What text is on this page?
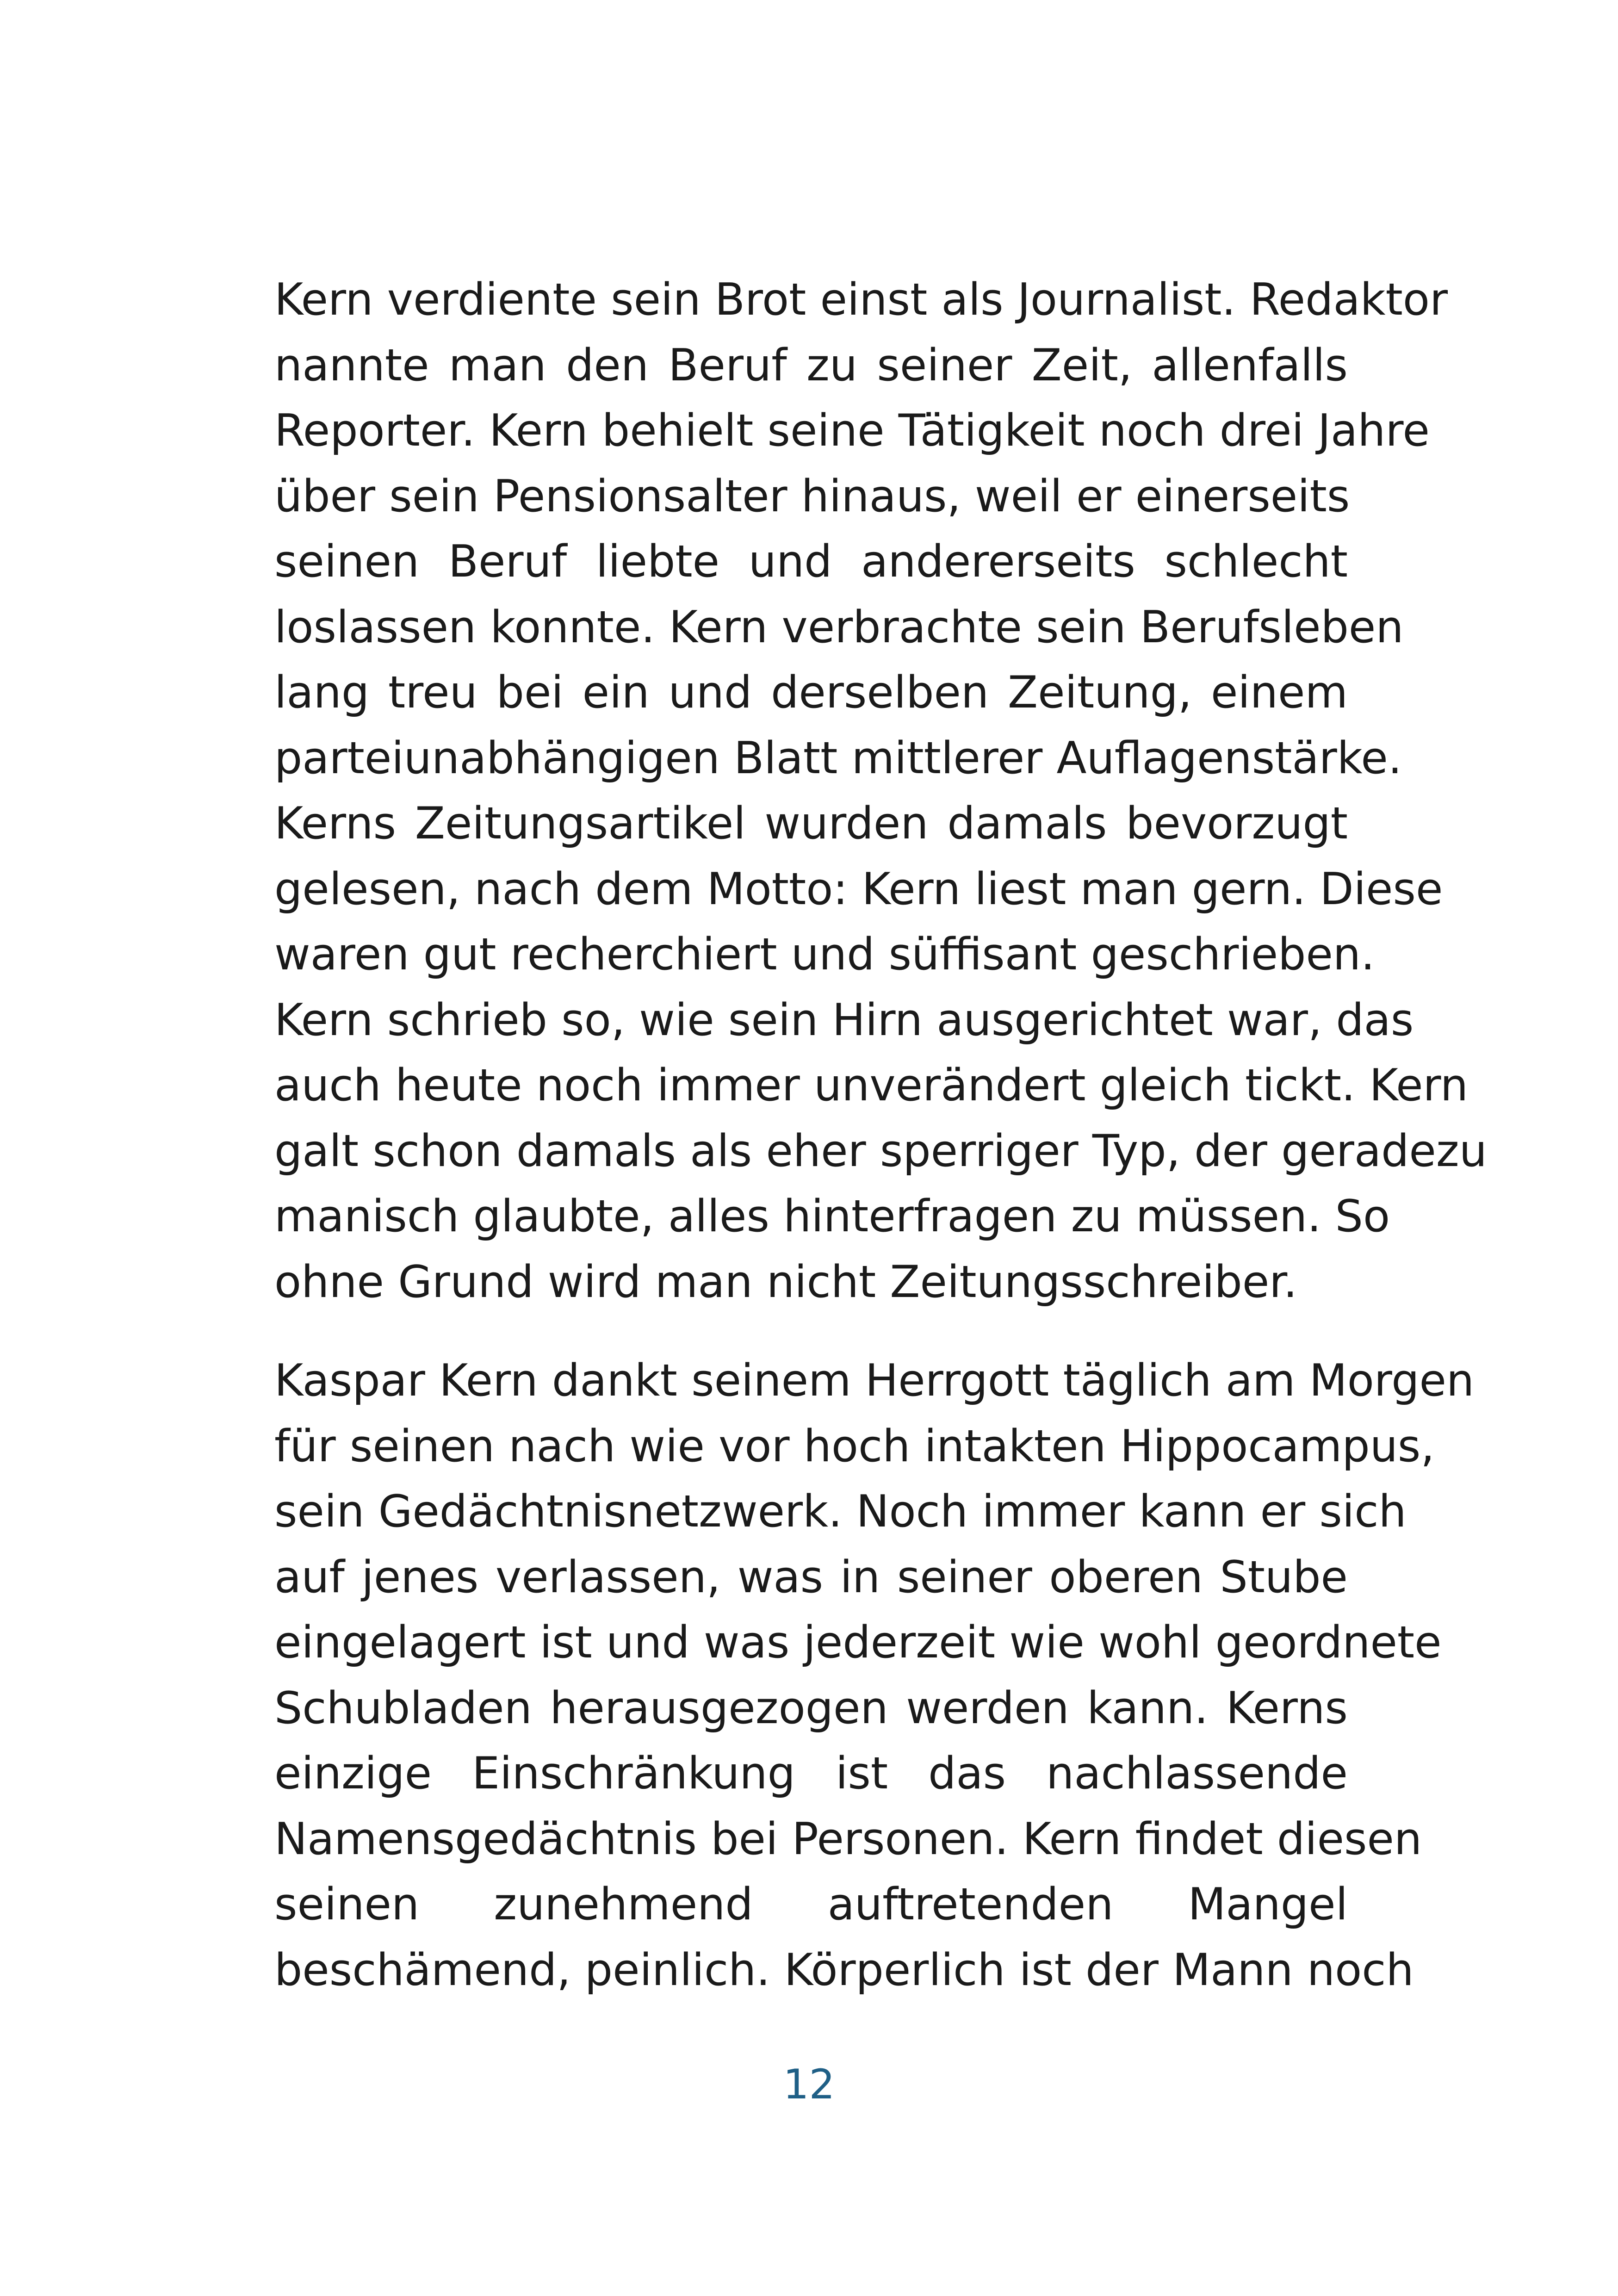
Kern verdiente sein Brot einst als Journalist. Redaktor
nannte man den Beruf zu seiner Zeit, allenfalls
Reporter. Kern behielt seine Tätigkeit noch drei Jahre
über sein Pensionsalter hinaus, weil er einerseits
seinen Beruf liebte und andererseits schlecht
loslassen konnte. Kern verbrachte sein Berufsleben
lang treu bei ein und derselben Zeitung, einem
parteiunabhängigen Blatt mittlerer Auflagenstärke.
Kerns Zeitungsartikel wurden damals bevorzugt
gelesen, nach dem Motto: Kern liest man gern. Diese
waren gut recherchiert und süffisant geschrieben.
Kern schrieb so, wie sein Hirn ausgerichtet war, das
auch heute noch immer unverändert gleich tickt. Kern
galt schon damals als eher sperriger Typ, der geradezu
manisch glaubte, alles hinterfragen zu müssen. So
ohne Grund wird man nicht Zeitungsschreiber.

Kaspar Kern dankt seinem Herrgott täglich am Morgen
für seinen nach wie vor hoch intakten Hippocampus,
sein Gedächtnisnetzwerk. Noch immer kann er sich
auf jenes verlassen, was in seiner oberen Stube
eingelagert ist und was jederzeit wie wohl geordnete
Schubladen herausgezogen werden kann. Kerns
einzige Einschränkung ist das nachlassende
Namensgedächtnis bei Personen. Kern findet diesen
seinen zunehmend auftretenden Mangel
beschämend, peinlich. Körperlich ist der Mann noch

12
